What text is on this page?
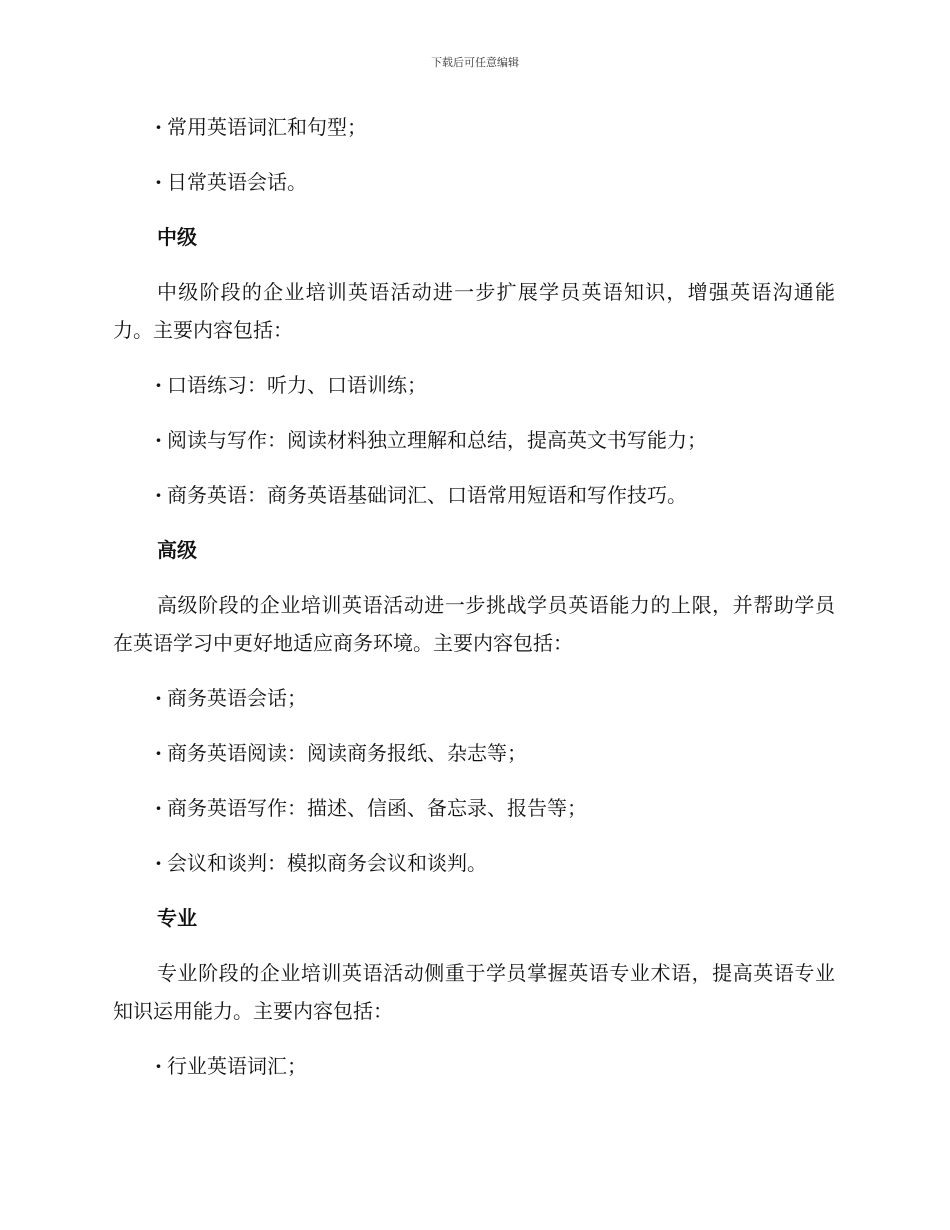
下载后可任意编辑
· 常用英语词汇和句型；
· 日常英语会话。
中级
中级阶段的企业培训英语活动进一步扩展学员英语知识，增强英语沟通能力。主要内容包括：
· 口语练习：听力、口语训练；
· 阅读与写作：阅读材料独立理解和总结，提高英文书写能力；
· 商务英语：商务英语基础词汇、口语常用短语和写作技巧。
高级
高级阶段的企业培训英语活动进一步挑战学员英语能力的上限，并帮助学员在英语学习中更好地适应商务环境。主要内容包括：
· 商务英语会话；
· 商务英语阅读：阅读商务报纸、杂志等；
· 商务英语写作：描述、信函、备忘录、报告等；
· 会议和谈判：模拟商务会议和谈判。
专业
专业阶段的企业培训英语活动侧重于学员掌握英语专业术语，提高英语专业知识运用能力。主要内容包括：
· 行业英语词汇；
